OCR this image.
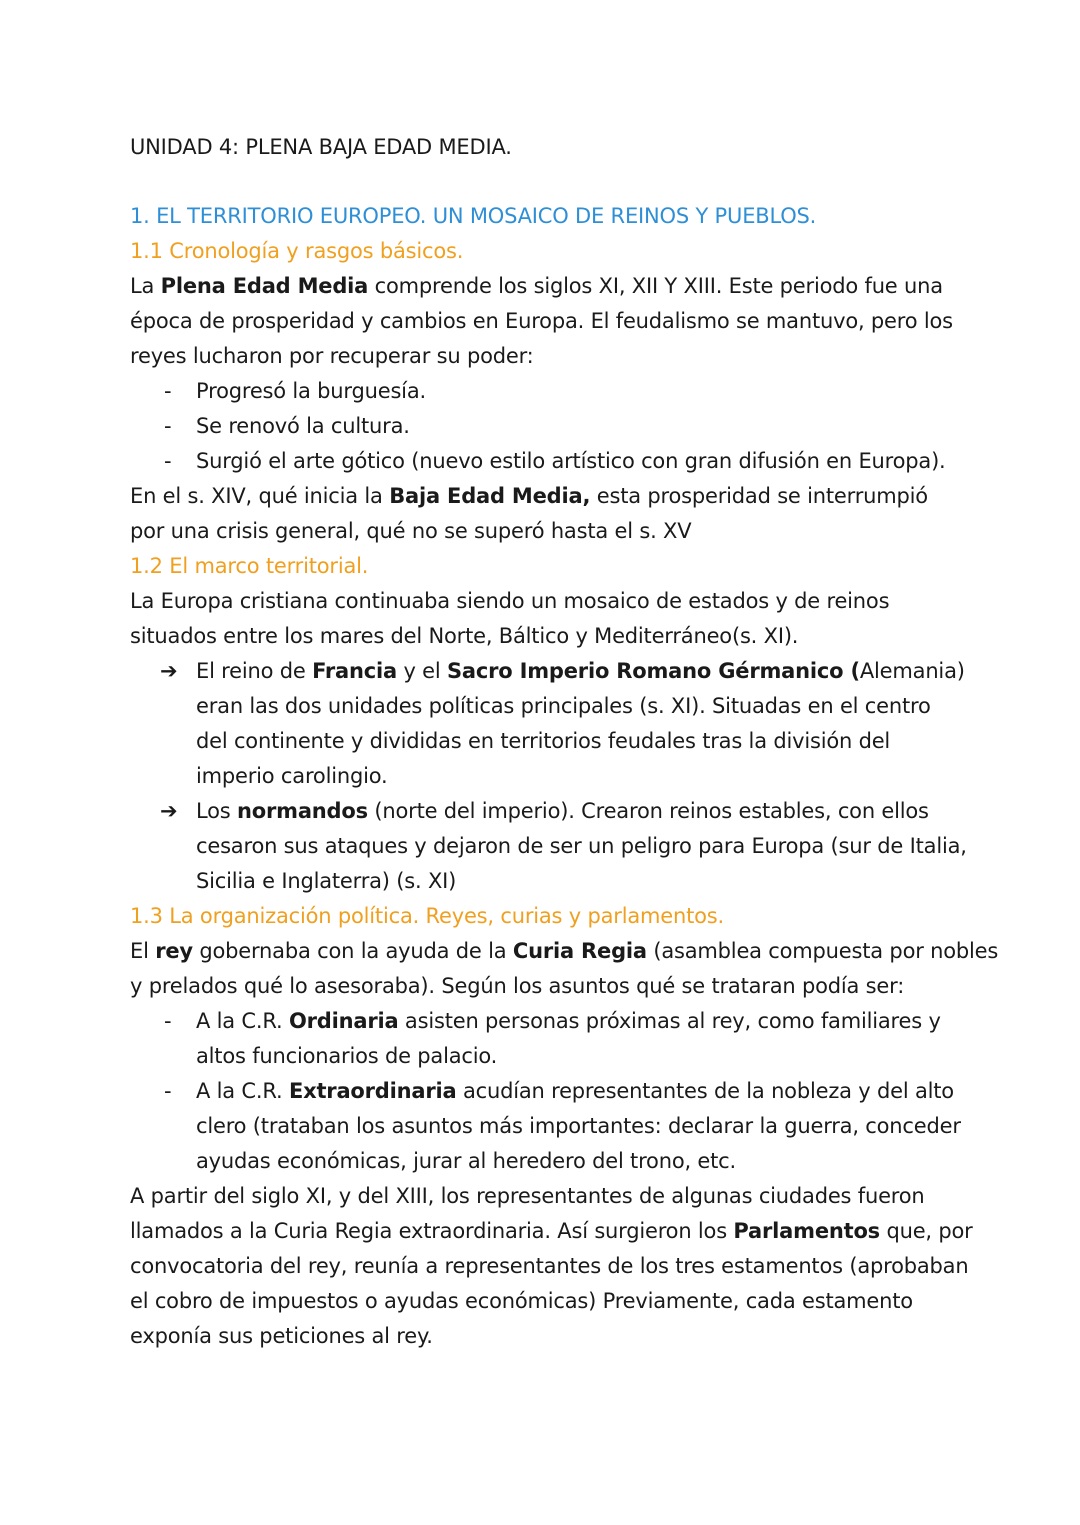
UNIDAD 4: PLENA BAJA EDAD MEDIA.
1. EL TERRITORIO EUROPEO. UN MOSAICO DE REINOS Y PUEBLOS.
1.1 Cronología y rasgos básicos.
La Plena Edad Media comprende los siglos XI, XII Y XIII. Este periodo fue una
época de prosperidad y cambios en Europa. El feudalismo se mantuvo, pero los
reyes lucharon por recuperar su poder:
- Progresó la burguesía.
- Se renovó la cultura.
- Surgió el arte gótico (nuevo estilo artístico con gran difusión en Europa).
En el s. XIV, qué inicia la Baja Edad Media, esta prosperidad se interrumpió
por una crisis general, qué no se superó hasta el s. XV
1.2 El marco territorial.
La Europa cristiana continuaba siendo un mosaico de estados y de reinos
situados entre los mares del Norte, Báltico y Mediterráneo(s. XI).
➔ El reino de Francia y el Sacro Imperio Romano Gérmanico (Alemania)
eran las dos unidades políticas principales (s. XI). Situadas en el centro
del continente y divididas en territorios feudales tras la división del
imperio carolingio.
➔ Los normandos (norte del imperio). Crearon reinos estables, con ellos
cesaron sus ataques y dejaron de ser un peligro para Europa (sur de Italia,
Sicilia e Inglaterra) (s. XI)
1.3 La organización política. Reyes, curias y parlamentos.
El rey gobernaba con la ayuda de la Curia Regia (asamblea compuesta por nobles
y prelados qué lo asesoraba). Según los asuntos qué se trataran podía ser:
- A la C.R. Ordinaria asisten personas próximas al rey, como familiares y
altos funcionarios de palacio.
- A la C.R. Extraordinaria acudían representantes de la nobleza y del alto
clero (trataban los asuntos más importantes: declarar la guerra, conceder
ayudas económicas, jurar al heredero del trono, etc.
A partir del siglo XI, y del XIII, los representantes de algunas ciudades fueron
llamados a la Curia Regia extraordinaria. Así surgieron los Parlamentos que, por
convocatoria del rey, reunía a representantes de los tres estamentos (aprobaban
el cobro de impuestos o ayudas económicas) Previamente, cada estamento
exponía sus peticiones al rey.
